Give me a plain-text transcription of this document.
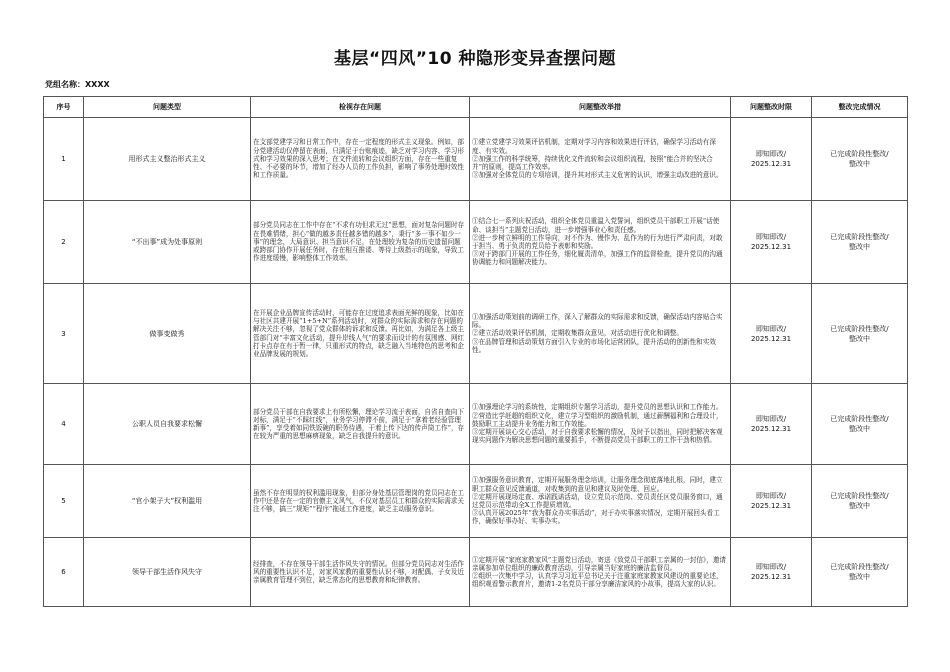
基层“四风”10 种隐形变异查摆问题
党组名称：XXXX
序号	问题类型	检视存在问题	问题整改举措	问题整改时限	整改完成情况
1	用形式主义整治形式主义	在支部党建学习和日常工作中，存在一定程度的形式主义现象。例如，部分党建活动仅停留在表面，只满足于台账痕迹，缺乏对学习内容、学习形式和学习效果的深入思考；在文件流转和会议组织方面，存在一些重复性、不必要的环节，增加了经办人员的工作负担，影响了事务处理时效性和工作质量。	①建立党建学习效果评估机制，定期对学习内容和效果进行评估，确保学习活动有深度、有实效。
②加强工作的科学统筹，持续优化文件流转和会议组织流程，按照“能合并的坚决合并”的原则，提高工作效率。
③加强对全体党员的专项培训，提升其对形式主义危害的认识，增强主动改进的意识。	即知即改/
2025.12.31	已完成阶段性整改/
整改中

2	“不出事”成为处事原则	部分党员同志在工作中存在“不求有功但求无过”思想，面对复杂问题时存在畏难情绪，担心“做的越多责任越多错的越多”，秉行“多一事不如少一事”的理念，大局意识、担当意识不足，在处理较为复杂的历史遗留问题或跨部门协作开展任务时，存在相互推诿、等待上级指示的现象，导致工作进度缓慢，影响整体工作效率。	①结合七一系列庆祝活动，组织全体党员重温入党誓词，组织党员干部职工开展“话使命、谈担当”主题党日活动，进一步增强事业心和责任感。
②进一步树立鲜明的工作导向，对不作为、慢作为、乱作为的行为进行严肃问责，对敢于担当、勇于负责的党员给予表彰和奖励。
③对于跨部门开展的工作任务，细化履责清单，加强工作的监督检查，提升党员的沟通协调能力和问题解决能力。	即知即改/
2025.12.31	已完成阶段性整改/
整改中

3	做事变做秀	在开展企业品牌宣传活动时，可能存在过度追求表面光鲜的现象，比如在与社区共建开展“1+5+N”系列活动时，对群众的实际需求和存在问题的解决关注不够，忽视了党众群体的诉求和反馈。再比如，为满足各上级主管部门对“丰富文化活动，提升岸线人气”的要求而设计的有氛围感、网红打卡点存在有于暂一律，只重形式的特点，缺乏融入当地特色的思考和企业品牌发展的规划。	①加强活动策划前的调研工作，深入了解群众的实际需求和反馈，确保活动内容贴合实际。
②建立活动效果评估机制，定期收集群众意见，对活动进行优化和调整。
③在品牌管理和活动策划方面引入专业的市场化运营团队，提升活动的创新性和实效性。	即知即改/
2025.12.31	已完成阶段性整改/
整改中

4	公职人员自我要求松懈	部分党员干部在自我要求上有所松懈，理论学习流于表面，自省自查向下对标，满足于“不踩红线”，业务学习停滞不前，满足于“拿着老经验管理新事”，享受着如同铁饭碗的职务待遇，干着上传下达的传声筒工作”，存在较为严重的思想麻痹现象，缺乏自我提升的意识。	①加强理论学习的系统性，定期组织专题学习活动，提升党员的思想认识和工作能力。
②营造比学赶超的组织文化，建立学习型组织的激励机制，通过薪酬福利和合理设计，鼓励职工主动提升业务能力和工作效能。
③定期开展谈心交心活动，对于自我要求松懈的情况，及时予以指出，同时把解决客观现实问题作为解决思想问题的重要抓手，不断提高党员干部职工的工作干劲和热情。	即知即改/
2025.12.31	已完成阶段性整改/
整改中

5	“官小架子大”权利滥用	虽然不存在明显的权利滥用现象，但部分身处基层管理岗的党员同志在工作中还是存在一定的官僚主义风气，不仅对基层员工和群众的实际需求关注不够，搞三“规矩”“程序”拖延工作进度，缺乏主动服务意识。	①加强服务意识教育，定期开展服务理念培训，让服务理念彻底落地扎根，同时，建立职工群众意见反馈通道，对收集到的意见和建议及时处理、回应。
②定期开展现场定查、承诺践诺活动，设立党员示范岗、党员责任区党员服务窗口，通过党员示范带动全X工作提质增效。
③认真开展2025年“我为群众办实事活动”，对于办实事落实情况，定期开展回头看工作，确保好事办好、实事办实。	即知即改/
2025.12.31	已完成阶段性整改/
整改中

6	领导干部生活作风失守	经排查，不存在领导干部生活作风失守的情况。但部分党员同志对生活作风的重要性认识不足，对家风家教的重要性认识不够，对配偶、子女及近亲属教育管理不到位，缺乏常态化的思想教育和纪律教育。	①定期开展“家庭家教家风”主题党日活动，寄送《致党员干部职工亲属的一封信》，邀请亲属参加单位组织的廉政教育活动，引导亲属当好家庭的廉洁监督员。
②组织一次集中学习，认真学习习近平总书记关于注重家庭家教家风建设的重要论述，组织观看警示教育片，邀请1-2名党员干部分享廉洁家风的小故事，提高大家的认识。	即知即改/
2025.12.31	已完成阶段性整改/
整改中
